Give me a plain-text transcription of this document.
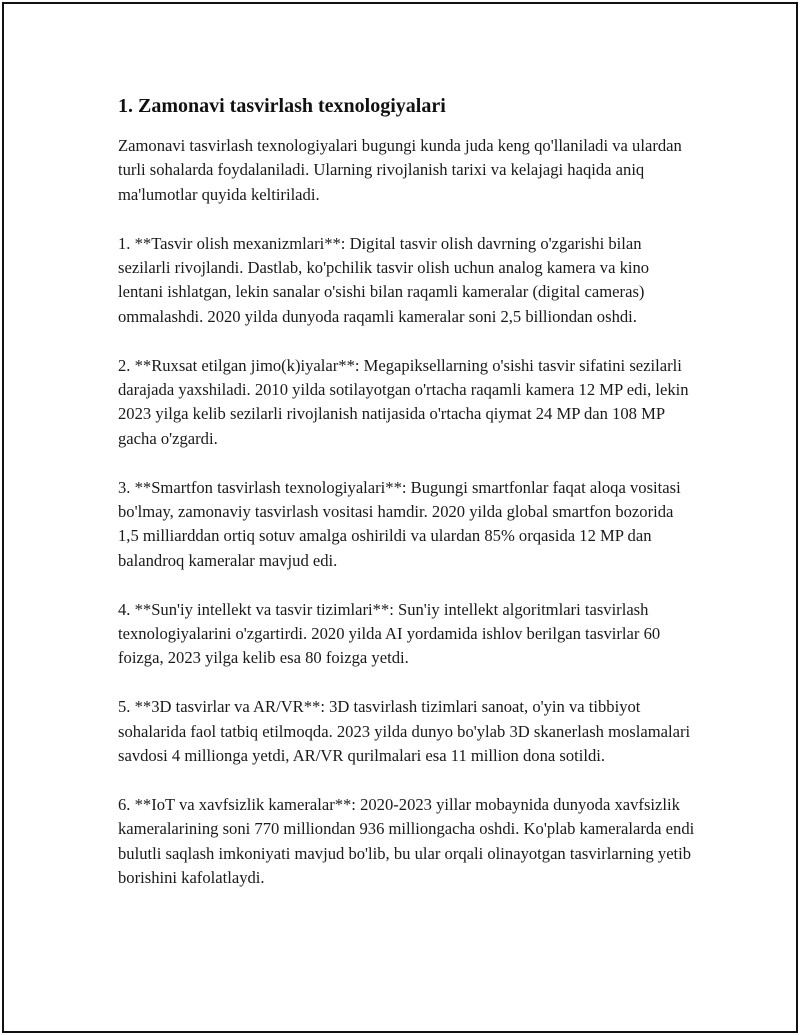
1. Zamonavi tasvirlash texnologiyalari

Zamonavi tasvirlash texnologiyalari bugungi kunda juda keng qo'llaniladi va ulardan turli sohalarda foydalaniladi. Ularning rivojlanish tarixi va kelajagi haqida aniq ma'lumotlar quyida keltiriladi.

1. **Tasvir olish mexanizmlari**: Digital tasvir olish davrning o'zgarishi bilan sezilarli rivojlandi. Dastlab, ko'pchilik tasvir olish uchun analog kamera va kino lentani ishlatgan, lekin sanalar o'sishi bilan raqamli kameralar (digital cameras) ommalashdi. 2020 yilda dunyoda raqamli kameralar soni 2,5 billiondan oshdi.

2. **Ruxsat etilgan jimo(k)iyalar**: Megapiksellarning o'sishi tasvir sifatini sezilarli darajada yaxshiladi. 2010 yilda sotilayotgan o'rtacha raqamli kamera 12 MP edi, lekin 2023 yilga kelib sezilarli rivojlanish natijasida o'rtacha qiymat 24 MP dan 108 MP gacha o'zgardi.

3. **Smartfon tasvirlash texnologiyalari**: Bugungi smartfonlar faqat aloqa vositasi bo'lmay, zamonaviy tasvirlash vositasi hamdir. 2020 yilda global smartfon bozorida 1,5 milliarddan ortiq sotuv amalga oshirildi va ulardan 85% orqasida 12 MP dan balandroq kameralar mavjud edi.

4. **Sun'iy intellekt va tasvir tizimlari**: Sun'iy intellekt algoritmlari tasvirlash texnologiyalarini o'zgartirdi. 2020 yilda AI yordamida ishlov berilgan tasvirlar 60 foizga, 2023 yilga kelib esa 80 foizga yetdi.

5. **3D tasvirlar va AR/VR**: 3D tasvirlash tizimlari sanoat, o'yin va tibbiyot sohalarida faol tatbiq etilmoqda. 2023 yilda dunyo bo'ylab 3D skanerlash moslamalari savdosi 4 millionga yetdi, AR/VR qurilmalari esa 11 million dona sotildi.

6. **IoT va xavfsizlik kameralar**: 2020-2023 yillar mobaynida dunyoda xavfsizlik kameralarining soni 770 milliondan 936 milliongacha oshdi. Ko'plab kameralarda endi bulutli saqlash imkoniyati mavjud bo'lib, bu ular orqali olinayotgan tasvirlarning yetib borishini kafolatlaydi.
